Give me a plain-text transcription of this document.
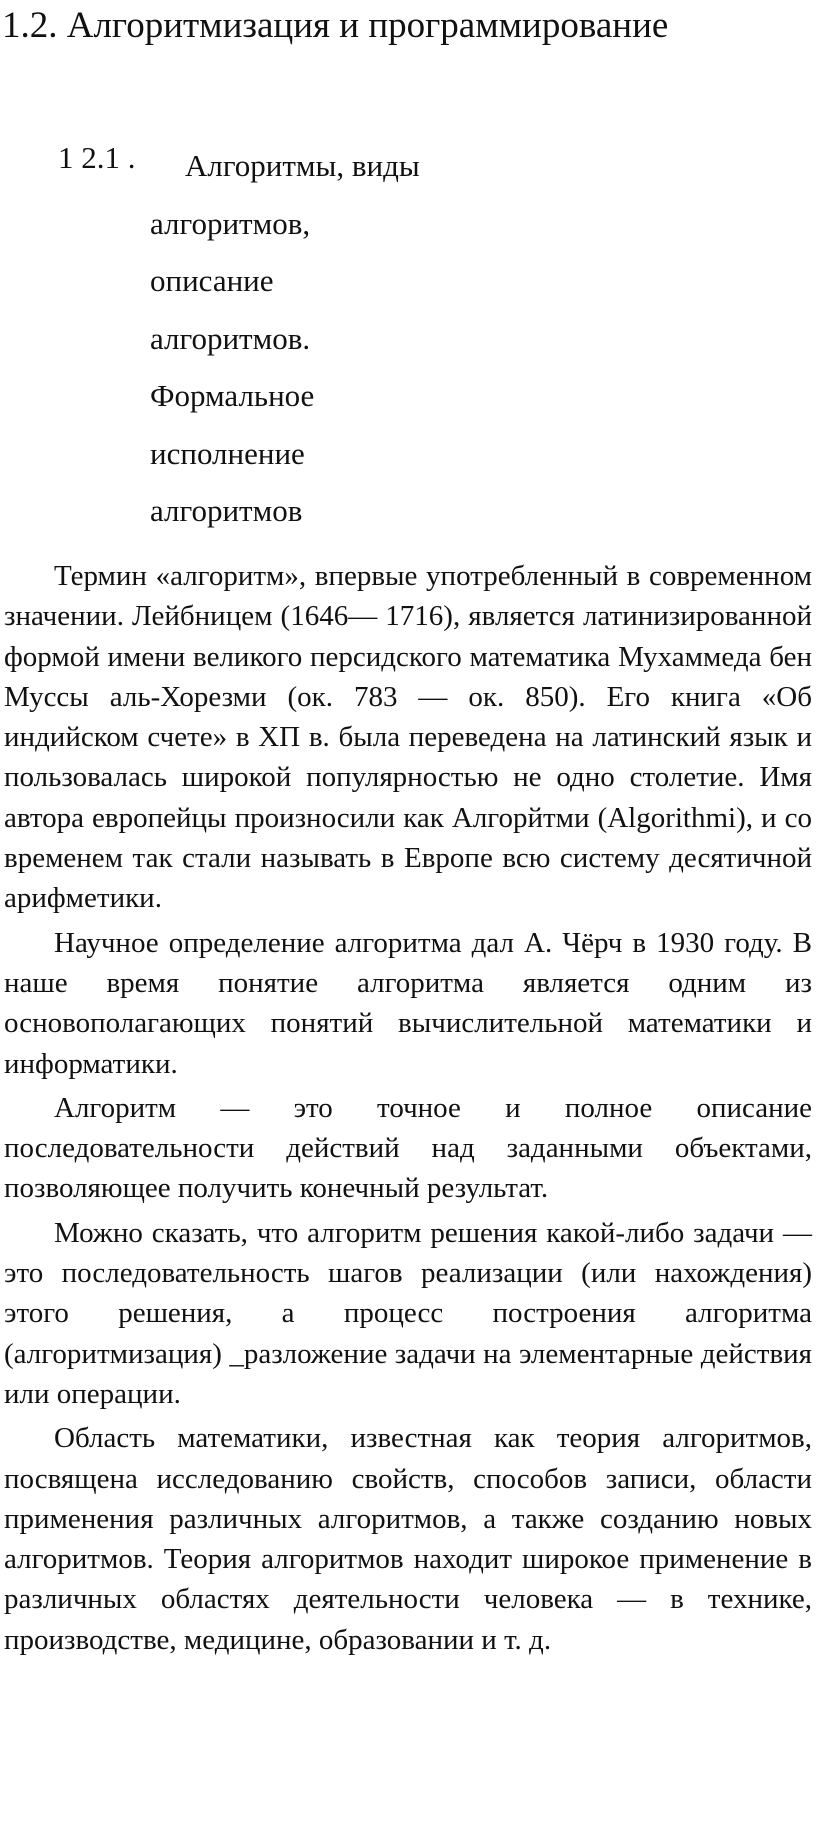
1.2. Алгоритмизация и программирование
1 2.1 . Алгоритмы, виды
алгоритмов,
описание
алгоритмов.
Формальное
исполнение
алгоритмов

Термин «алгоритм», впервые употребленный в современном значении. Лейбницем (1646— 1716), является латинизированной формой имени великого персидского математика Мухаммеда бен Муссы аль-Хорезми (ок. 783 — ок. 850). Его книга «Об индийском счете» в ХП в. была переведена на латинский язык и пользовалась широкой популярностью не одно столетие. Имя автора европейцы произносили как Алгорйтми (Algorithmi), и со временем так стали называть в Европе всю систему десятичной арифметики.

Научное определение алгоритма дал А. Чёрч в 1930 году. В наше время понятие алгоритма является одним из основополагающих понятий вычислительной математики и информатики.

Алгоритм — это точное и полное описание последовательности действий над заданными объектами, позволяющее получить конечный результат.

Можно сказать, что алгоритм решения какой-либо задачи — это последовательность шагов реализации (или нахождения) этого решения, а процесс построения алгоритма (алгоритмизация) _разложение задачи на элементарные действия или операции.

Область математики, известная как теория алгоритмов, посвящена исследованию свойств, способов записи, области применения различных алгоритмов, а также созданию новых алгоритмов. Теория алгоритмов находит широкое применение в различных областях деятельности человека — в технике, производстве, медицине, образовании и т. д.
